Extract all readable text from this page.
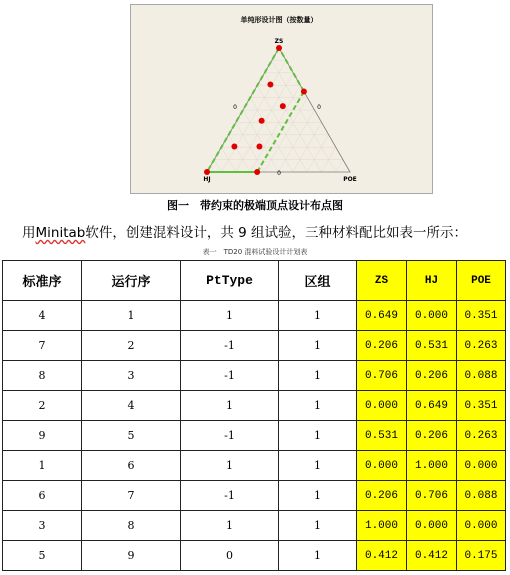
单纯形设计图（按数量）
ZS
HJ	POE
0	0
0
图一　带约束的极端顶点设计布点图
用Minitab软件，创建混料设计，共 9 组试验，三种材料配比如表一所示：
表一　TD20 混料试验设计计划表
标准序	运行序	PtType	区组	ZS	HJ	POE
4	1	1	1	0.649	0.000	0.351
7	2	-1	1	0.206	0.531	0.263
8	3	-1	1	0.706	0.206	0.088
2	4	1	1	0.000	0.649	0.351
9	5	-1	1	0.531	0.206	0.263
1	6	1	1	0.000	1.000	0.000
6	7	-1	1	0.206	0.706	0.088
3	8	1	1	1.000	0.000	0.000
5	9	0	1	0.412	0.412	0.175
